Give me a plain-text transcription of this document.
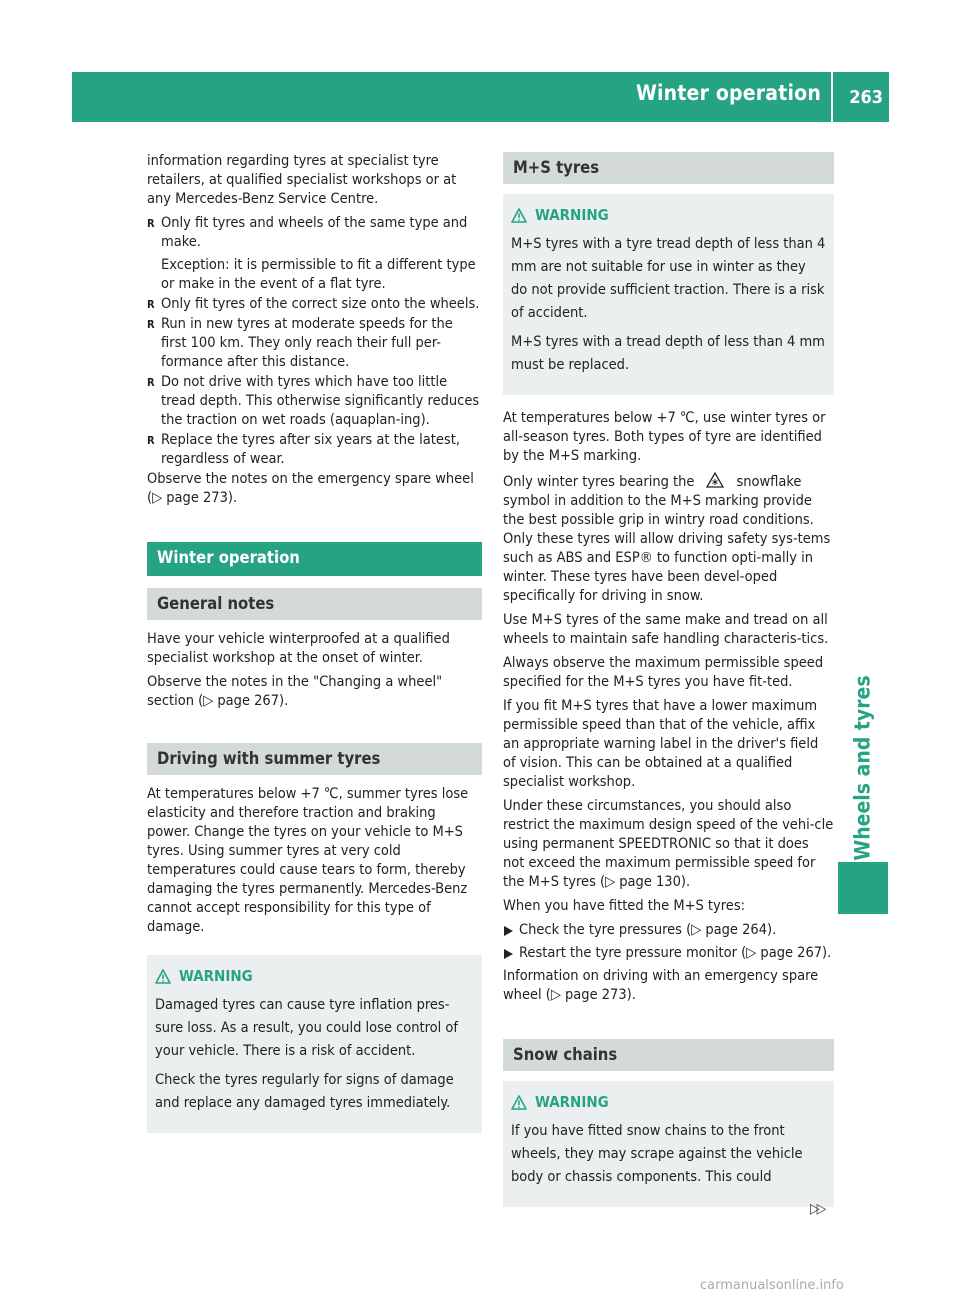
Winter operation 263
Wheels and tyres

information regarding tyres at specialist tyre retailers, at qualified specialist workshops or at any Mercedes-Benz Service Centre.

R Only fit tyres and wheels of the same type and make.
Exception: it is permissible to fit a different type or make in the event of a flat tyre.
R Only fit tyres of the correct size onto the wheels.
R Run in new tyres at moderate speeds for the first 100 km. They only reach their full per-formance after this distance.
R Do not drive with tyres which have too little tread depth. This otherwise significantly reduces the traction on wet roads (aquaplan-ing).
R Replace the tyres after six years at the latest, regardless of wear.

Observe the notes on the emergency spare wheel (▷ page 273).

Winter operation
General notes

Have your vehicle winterproofed at a qualified specialist workshop at the onset of winter.

Observe the notes in the "Changing a wheel" section (▷ page 267).

Driving with summer tyres

At temperatures below +7 ℃, summer tyres lose elasticity and therefore traction and braking power. Change the tyres on your vehicle to M+S tyres. Using summer tyres at very cold temperatures could cause tears to form, thereby damaging the tyres permanently. Mercedes-Benz cannot accept responsibility for this type of damage.

WARNING

Damaged tyres can cause tyre inflation pres-sure loss. As a result, you could lose control of your vehicle. There is a risk of accident.

Check the tyres regularly for signs of damage and replace any damaged tyres immediately.

M+S tyres
WARNING

M+S tyres with a tyre tread depth of less than 4 mm are not suitable for use in winter as they do not provide sufficient traction. There is a risk of accident.

M+S tyres with a tread depth of less than 4 mm must be replaced.

At temperatures below +7 ℃, use winter tyres or all-season tyres. Both types of tyre are identified by the M+S marking.

Only winter tyres bearing the	snowflake symbol in addition to the M+S marking provide the best possible grip in wintry road conditions. Only these tyres will allow driving safety sys-tems such as ABS and ESP® to function opti-mally in winter. These tyres have been devel-oped specifically for driving in snow.

Use M+S tyres of the same make and tread on all wheels to maintain safe handling characteris-tics.

Always observe the maximum permissible speed specified for the M+S tyres you have fit-ted.

If you fit M+S tyres that have a lower maximum permissible speed than that of the vehicle, affix an appropriate warning label in the driver's field of vision. This can be obtained at a qualified specialist workshop.

Under these circumstances, you should also restrict the maximum design speed of the vehi-cle using permanent SPEEDTRONIC so that it does not exceed the maximum permissible speed for the M+S tyres (▷ page 130).

When you have fitted the M+S tyres:

Check the tyre pressures (▷ page 264).
Restart the tyre pressure monitor (▷ page 267).

Information on driving with an emergency spare wheel (▷ page 273).

Snow chains
WARNING

If you have fitted snow chains to the front wheels, they may scrape against the vehicle body or chassis components. This could

▷▷
carmanualsonline.info
